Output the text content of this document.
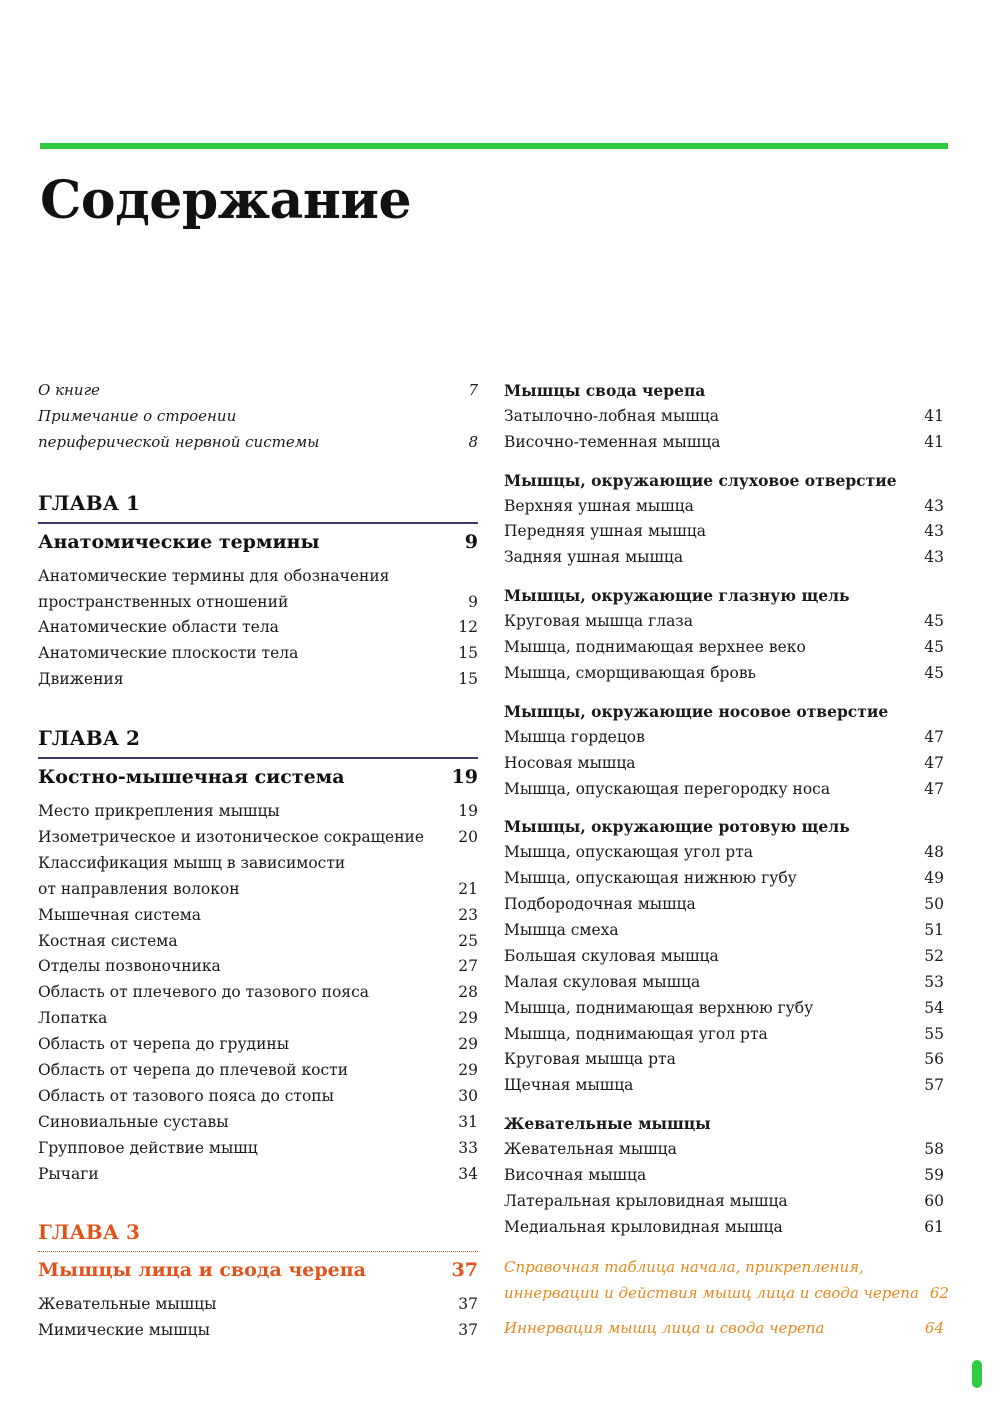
Содержание
О книге	7
Примечание о строении
периферической нервной системы	8
ГЛАВА 1
Анатомические термины	9
Анатомические термины для обозначения
пространственных отношений	9
Анатомические области тела	12
Анатомические плоскости тела	15
Движения	15
ГЛАВА 2
Костно-мышечная система	19
Место прикрепления мышцы	19
Изометрическое и изотоническое сокращение	20
Классификация мышц в зависимости
от направления волокон	21
Мышечная система	23
Костная система	25
Отделы позвоночника	27
Область от плечевого до тазового пояса	28
Лопатка	29
Область от черепа до грудины	29
Область от черепа до плечевой кости	29
Область от тазового пояса до стопы	30
Синовиальные суставы	31
Групповое действие мышц	33
Рычаги	34
ГЛАВА 3
Мышцы лица и свода черепа	37
Жевательные мышцы	37
Мимические мышцы	37
Мышцы свода черепа
Затылочно-лобная мышца	41
Височно-теменная мышца	41
Мышцы, окружающие слуховое отверстие
Верхняя ушная мышца	43
Передняя ушная мышца	43
Задняя ушная мышца	43
Мышцы, окружающие глазную щель
Круговая мышца глаза	45
Мышца, поднимающая верхнее веко	45
Мышца, сморщивающая бровь	45
Мышцы, окружающие носовое отверстие
Мышца гордецов	47
Носовая мышца	47
Мышца, опускающая перегородку носа	47
Мышцы, окружающие ротовую щель
Мышца, опускающая угол рта	48
Мышца, опускающая нижнюю губу	49
Подбородочная мышца	50
Мышца смеха	51
Большая скуловая мышца	52
Малая скуловая мышца	53
Мышца, поднимающая верхнюю губу	54
Мышца, поднимающая угол рта	55
Круговая мышца рта	56
Щечная мышца	57
Жевательные мышцы
Жевательная мышца	58
Височная мышца	59
Латеральная крыловидная мышца	60
Медиальная крыловидная мышца	61
Справочная таблица начала, прикрепления,
иннервации и действия мышц лица и свода черепа 62
Иннервация мышц лица и свода черепа	64
